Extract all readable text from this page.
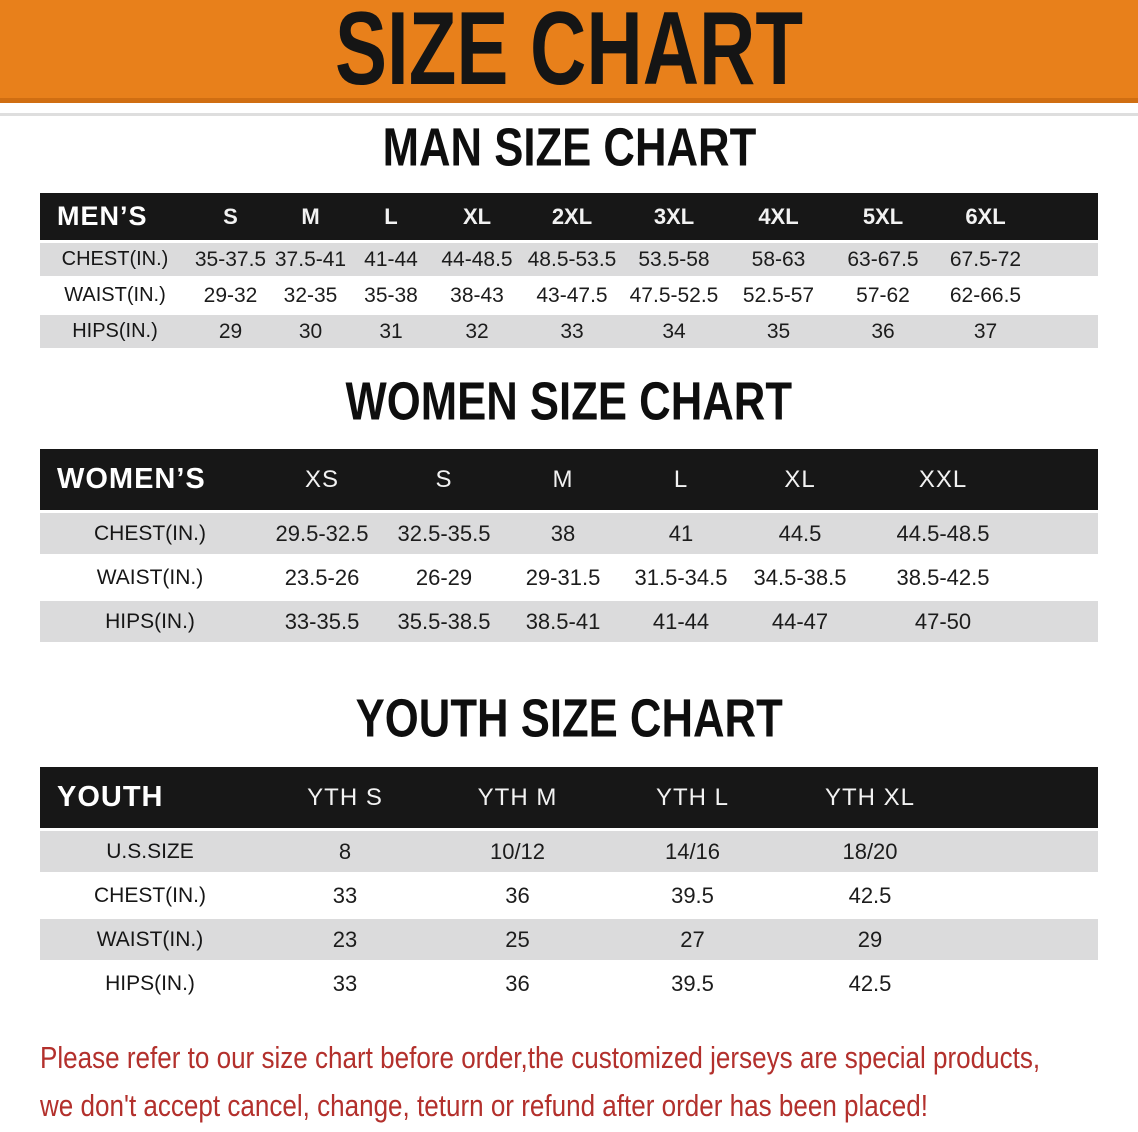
SIZE CHART
MAN SIZE CHART
MEN’S	S	M	L	XL	2XL	3XL	4XL	5XL	6XL	
CHEST(IN.)	35-37.5	37.5-41	41-44	44-48.5	48.5-53.5	53.5-58	58-63	63-67.5	67.5-72	
WAIST(IN.)	29-32	32-35	35-38	38-43	43-47.5	47.5-52.5	52.5-57	57-62	62-66.5	
HIPS(IN.)	29	30	31	32	33	34	35	36	37	
WOMEN SIZE CHART
WOMEN’S	XS	S	M	L	XL	XXL	
CHEST(IN.)	29.5-32.5	32.5-35.5	38	41	44.5	44.5-48.5	
WAIST(IN.)	23.5-26	26-29	29-31.5	31.5-34.5	34.5-38.5	38.5-42.5	
HIPS(IN.)	33-35.5	35.5-38.5	38.5-41	41-44	44-47	47-50	
YOUTH SIZE CHART
YOUTH	YTH S	YTH M	YTH L	YTH XL	
U.S.SIZE	8	10/12	14/16	18/20	
CHEST(IN.)	33	36	39.5	42.5	
WAIST(IN.)	23	25	27	29	
HIPS(IN.)	33	36	39.5	42.5	

Please refer to our size chart before order,the customized jerseys are special products,
we don't accept cancel, change, teturn or refund after order has been placed!
